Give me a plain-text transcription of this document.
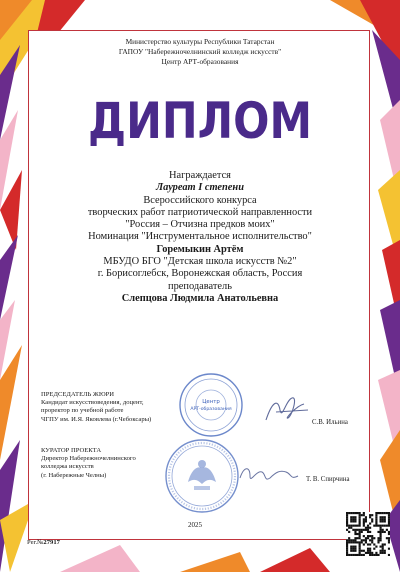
Министерство культуры Республики Татарстан
ГАПОУ "Набережночелнинский колледж искусств"
Центр АРТ-образования
ДИПЛОМ
Награждается
Лауреат I степени
Всероссийского конкурса
творческих работ патриотической направленности
"Россия – Отчизна предков моих"
Номинация "Инструментальное исполнительство"
Горемыкин Артём
МБУДО БГО "Детская школа искусств №2"
г. Борисоглебск, Воронежская область, Россия
преподаватель
Слепцова Людмила Анатольевна
ПРЕДСЕДАТЕЛЬ ЖЮРИ
Кандидат искусствоведения, доцент,
проректор по учебной работе
ЧГПУ им. И.Я. Яковлева (г.Чебоксары)	С.В. Ильина
Центр
АРТ-образования
КУРАТОР ПРОЕКТА
Директор Набережночелнинского
колледжа искусств
(г. Набережные Челны)
Т. В. Спирчина
2025
Рег.№27917
